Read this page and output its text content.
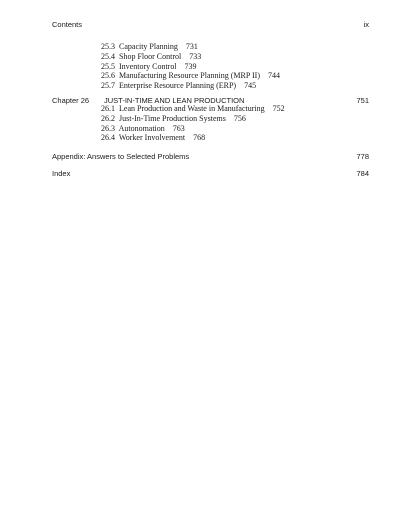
Contents	ix
25.3 Capacity Planning 731
25.4 Shop Floor Control 733
25.5 Inventory Control 739
25.6 Manufacturing Resource Planning (MRP II) 744
25.7 Enterprise Resource Planning (ERP) 745
Chapter 26 JUST-IN-TIME AND LEAN PRODUCTION	751
26.1 Lean Production and Waste in Manufacturing 752
26.2 Just-In-Time Production Systems 756
26.3 Autonomation 763
26.4 Worker Involvement 768
Appendix: Answers to Selected Problems	778
Index	784
